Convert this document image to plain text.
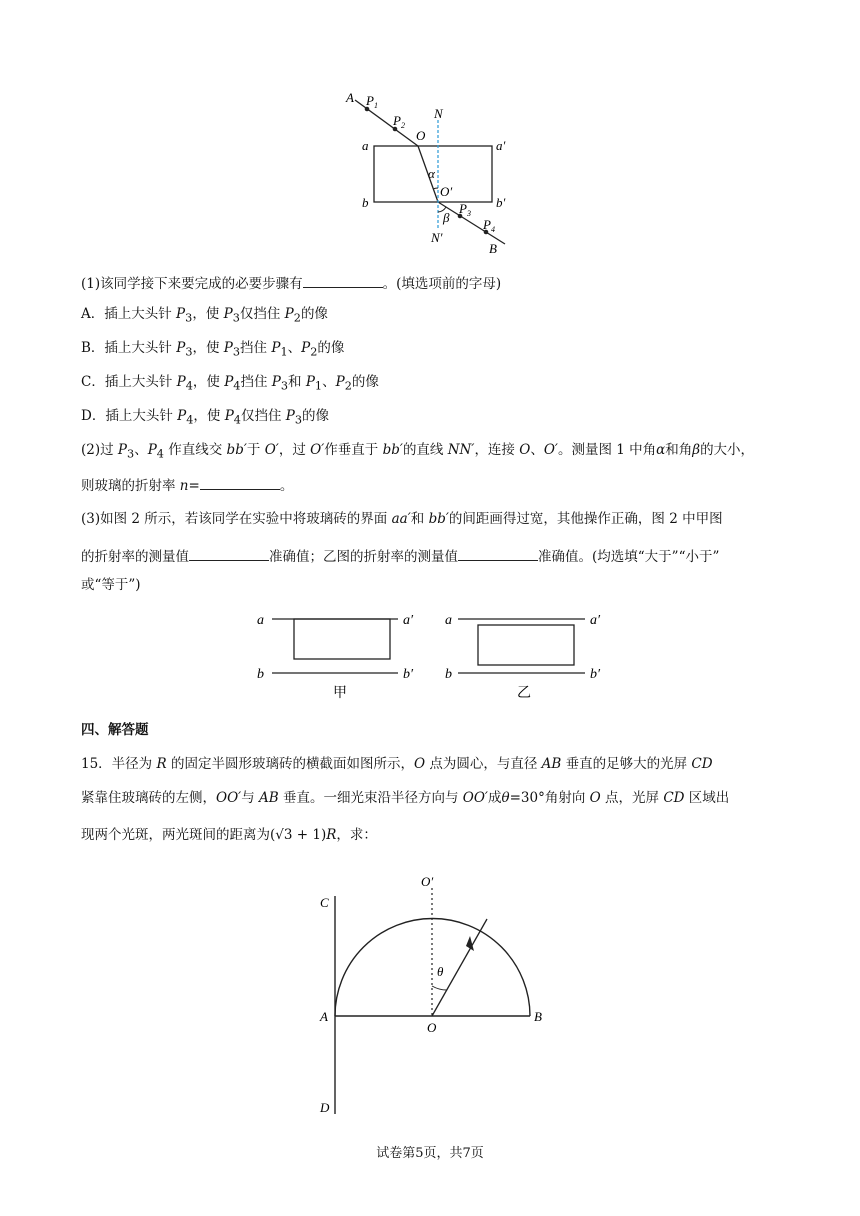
A $P_1$
$P_2$
O
N
a	a′
b	b′
α
O′
β
$P_3$
$P_4$
N′
B
(1)该同学接下来要完成的必要步骤有	。(填选项前的字母)
A．插上大头针 $P_3$，使 $P_3$仅挡住 $P_2$的像
B．插上大头针 $P_3$，使 $P_3$挡住 $P_1$、$P_2$的像
C．插上大头针 $P_4$，使 $P_4$挡住 $P_3$和 $P_1$、$P_2$的像
D．插上大头针 $P_4$，使 $P_4$仅挡住 $P_3$的像
(2)过 $P_3$、$P_4$ 作直线交 bb′于 O′，过 O′作垂直于 bb′的直线 NN′，连接 O、O′。测量图 1 中角α和角β的大小，
则玻璃的折射率 n=	。
(3)如图 2 所示，若该同学在实验中将玻璃砖的界面 aa′和 bb′的间距画得过宽，其他操作正确，图 2 中甲图
的折射率的测量值	准确值；乙图的折射率的测量值	准确值。(均选填“大于”“小于”
或“等于”)
a	a′
b	b′
甲
a	a′
b	b′
乙
四、解答题
15．半径为 R 的固定半圆形玻璃砖的横截面如图所示，O 点为圆心，与直径 AB 垂直的足够大的光屏 CD
紧靠住玻璃砖的左侧，OO′与 AB 垂直。一细光束沿半径方向与 OO′成θ=30°角射向 O 点，光屏 CD 区域出
现两个光斑，两光斑间的距离为(√3 + 1)R，求：
C
O′
θ
A
O
B
D
试卷第5页，共7页
